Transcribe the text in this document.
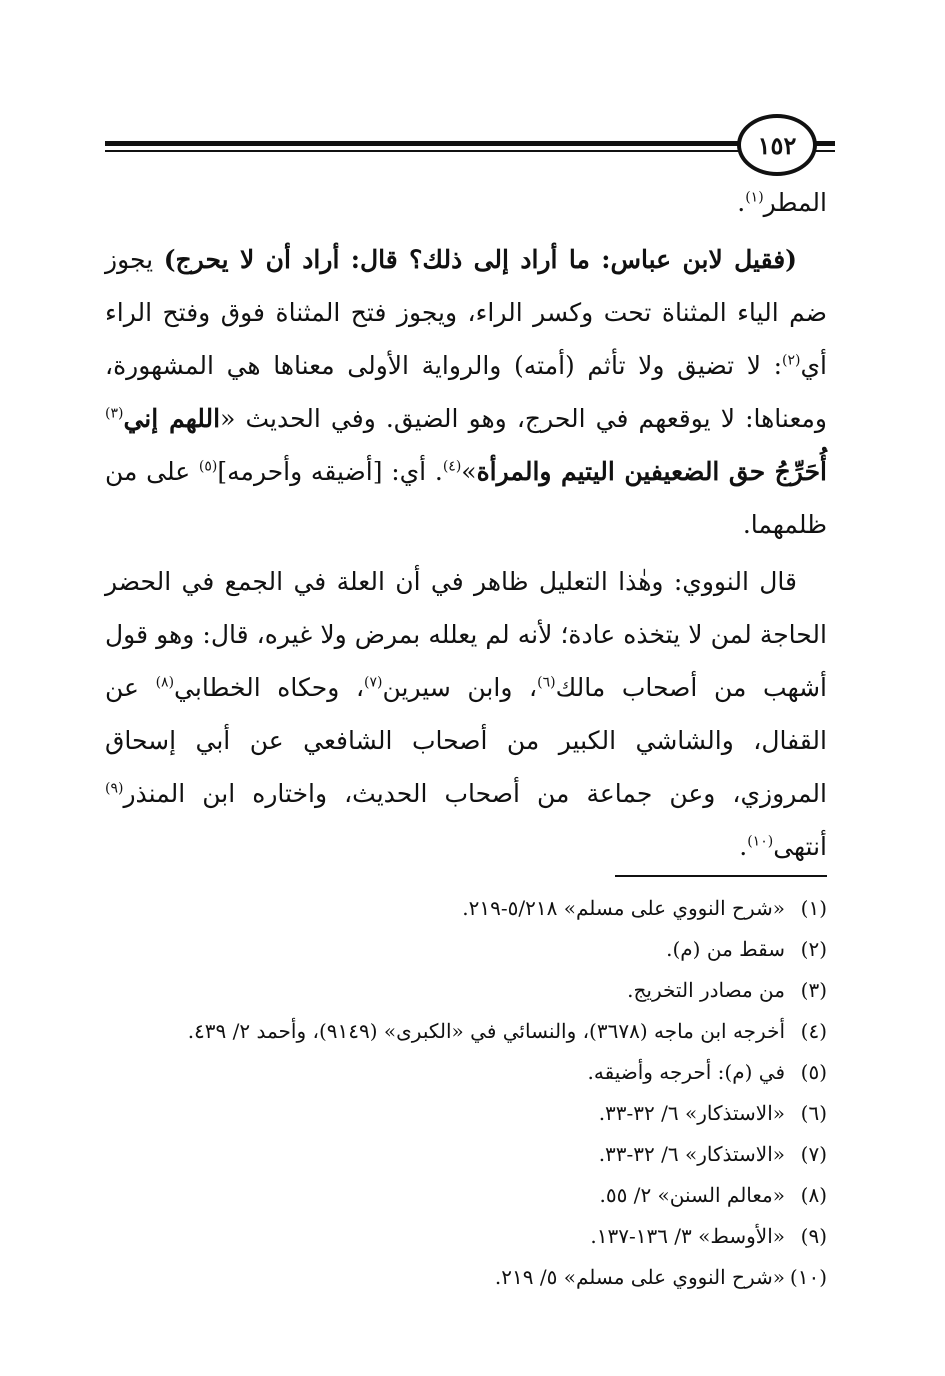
١٥٢

المطر$^{(١)}$.

(فقيل لابن عباس: ما أراد إلى ذلك؟ قال: أراد أن لا يحرج) يجوز ضم الياء المثناة تحت وكسر الراء، ويجوز فتح المثناة فوق وفتح الراء أي$^{(٢)}$: لا تضيق ولا تأثم (أمته) والرواية الأولى معناها هي المشهورة، ومعناها: لا يوقعهم في الحرج، وهو الضيق. وفي الحديث «اللهم إني$^{(٣)}$ أُحَرِّجُ حق الضعيفين اليتيم والمرأة»$^{(٤)}$. أي: [أضيقه وأحرمه]$^{(٥)}$ على من ظلمهما.

قال النووي: وهٰذا التعليل ظاهر في أن العلة في الجمع في الحضر الحاجة لمن لا يتخذه عادة؛ لأنه لم يعلله بمرض ولا غيره، قال: وهو قول أشهب من أصحاب مالك$^{(٦)}$، وابن سيرين$^{(٧)}$، وحكاه الخطابي$^{(٨)}$ عن القفال، والشاشي الكبير من أصحاب الشافعي عن أبي إسحاق المروزي، وعن جماعة من أصحاب الحديث، واختاره ابن المنذر$^{(٩)}$ أنتهى$^{(١٠)}$.

(١)«شرح النووي على مسلم» ٥/٢١٨-٢١٩.

(٢)سقط من (م).

(٣)من مصادر التخريج.

(٤)أخرجه ابن ماجه (٣٦٧٨)، والنسائي في «الكبرى» (٩١٤٩)، وأحمد ٢/ ٤٣٩.

(٥)في (م): أحرجه وأضيقه.

(٦)«الاستذكار» ٦/ ٣٢-٣٣.

(٧)«الاستذكار» ٦/ ٣٢-٣٣.

(٨)«معالم السنن» ٢/ ٥٥.

(٩)«الأوسط» ٣/ ١٣٦-١٣٧.

(١٠)«شرح النووي على مسلم» ٥/ ٢١٩.
